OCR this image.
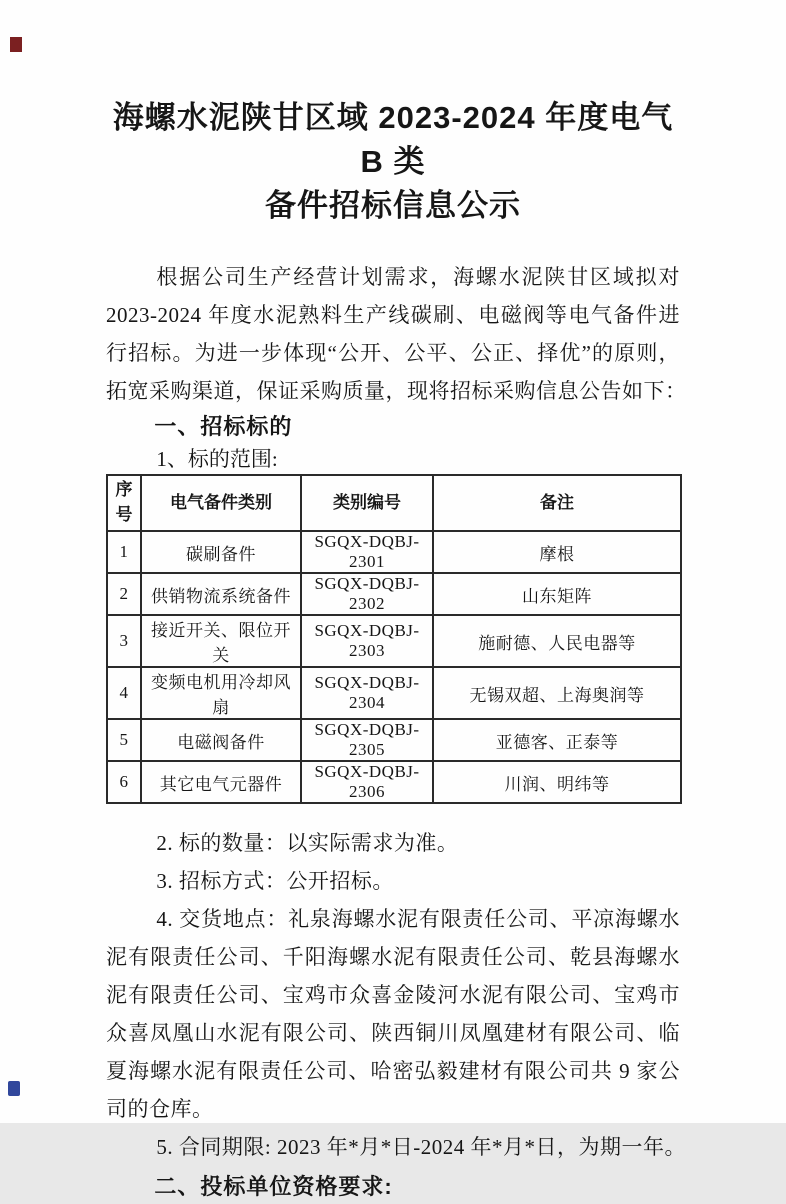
海螺水泥陕甘区域 2023-2024 年度电气 B 类
备件招标信息公示
根据公司生产经营计划需求，海螺水泥陕甘区域拟对
2023-2024 年度水泥熟料生产线碳刷、电磁阀等电气备件进
行招标。为进一步体现“公开、公平、公正、择优”的原则，
拓宽采购渠道，保证采购质量，现将招标采购信息公告如下：
一、招标标的
1、标的范围:
序号	电气备件类别	类别编号	备注
1	碳刷备件	SGQX-DQBJ-2301	摩根
2	供销物流系统备件	SGQX-DQBJ-2302	山东矩阵
3	接近开关、限位开关	SGQX-DQBJ-2303	施耐德、人民电器等
4	变频电机用冷却风扇	SGQX-DQBJ-2304	无锡双超、上海奥润等
5	电磁阀备件	SGQX-DQBJ-2305	亚德客、正泰等
6	其它电气元器件	SGQX-DQBJ-2306	川润、明纬等
2. 标的数量：以实际需求为准。
3. 招标方式：公开招标。
4. 交货地点：礼泉海螺水泥有限责任公司、平凉海螺水
泥有限责任公司、千阳海螺水泥有限责任公司、乾县海螺水
泥有限责任公司、宝鸡市众喜金陵河水泥有限公司、宝鸡市
众喜凤凰山水泥有限公司、陕西铜川凤凰建材有限公司、临
夏海螺水泥有限责任公司、哈密弘毅建材有限公司共 9 家公
司的仓库。
5. 合同期限: 2023 年*月*日-2024 年*月*日，为期一年。
二、投标单位资格要求:
